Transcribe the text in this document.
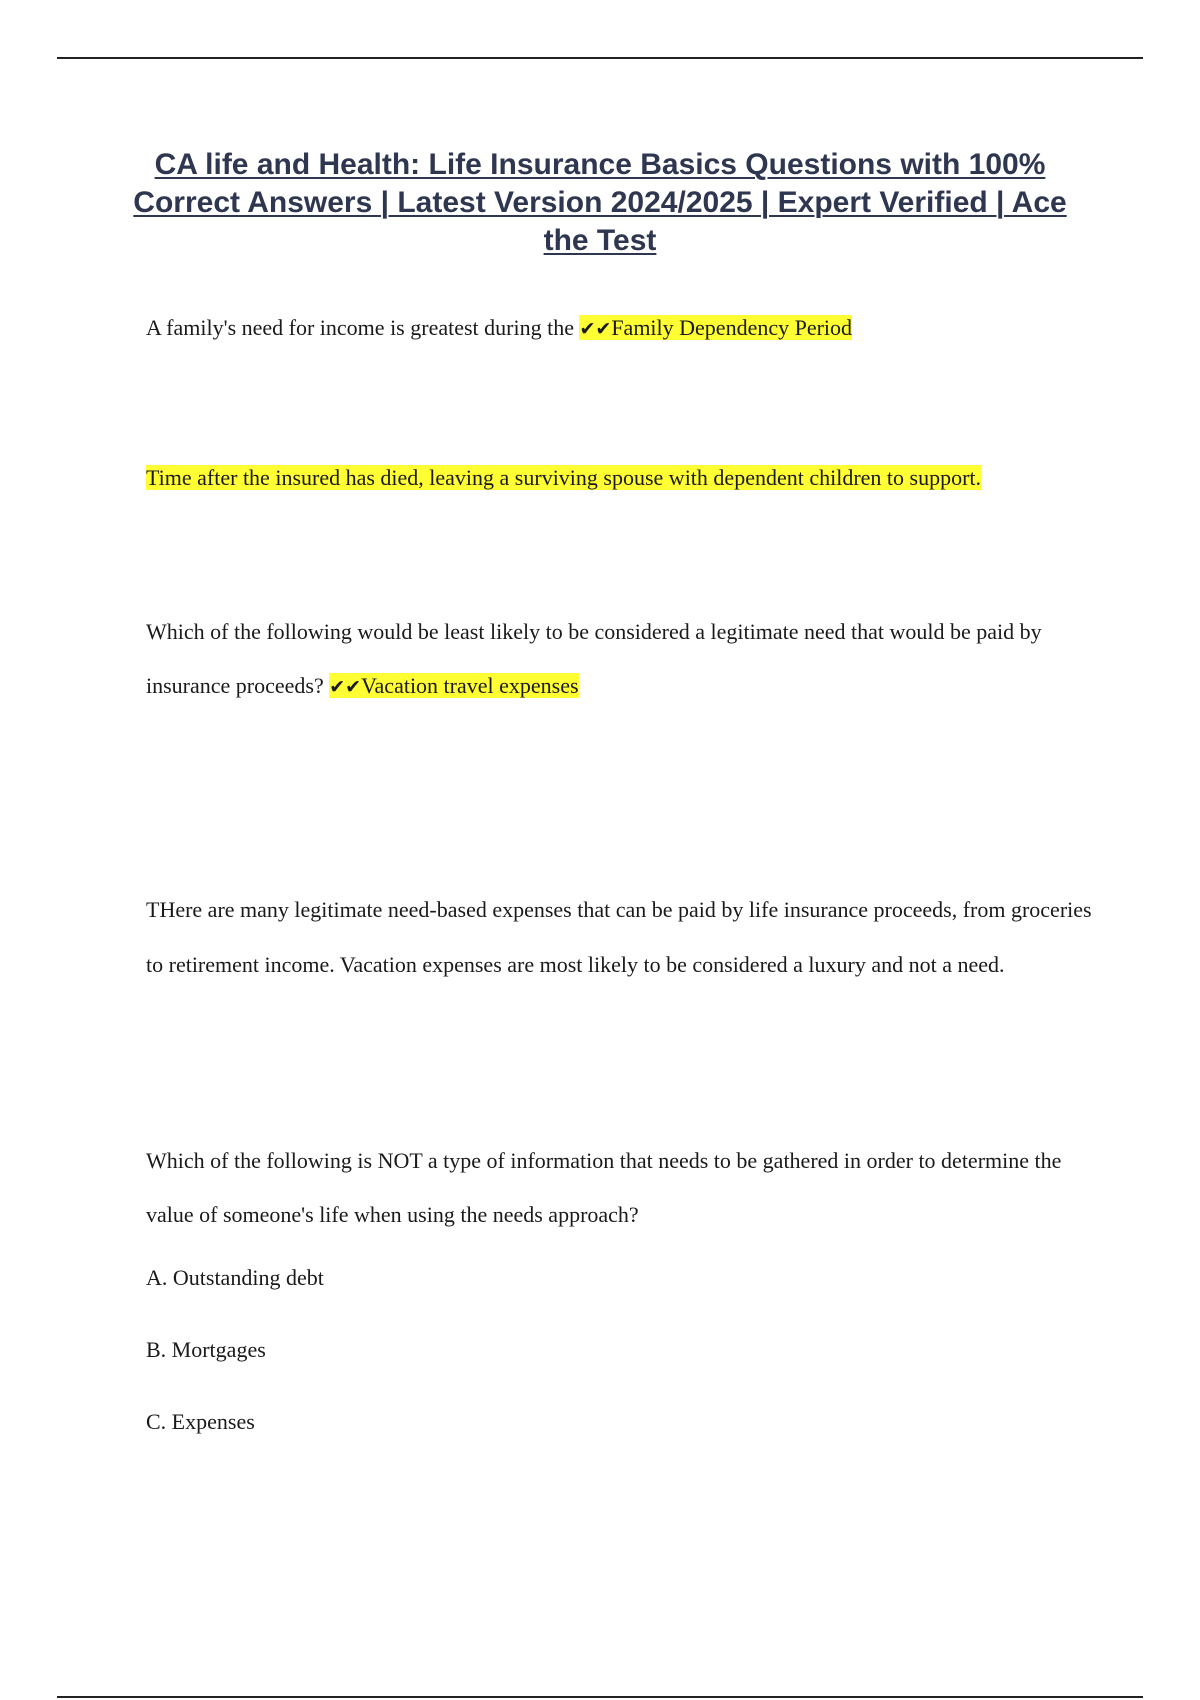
CA life and Health: Life Insurance Basics Questions with 100% Correct Answers | Latest Version 2024/2025 | Expert Verified | Ace the Test

A family's need for income is greatest during the ✔✔Family Dependency Period

Time after the insured has died, leaving a surviving spouse with dependent children to support.

Which of the following would be least likely to be considered a legitimate need that would be paid by insurance proceeds? ✔✔Vacation travel expenses

THere are many legitimate need-based expenses that can be paid by life insurance proceeds, from groceries to retirement income. Vacation expenses are most likely to be considered a luxury and not a need.

Which of the following is NOT a type of information that needs to be gathered in order to determine the value of someone's life when using the needs approach?

A. Outstanding debt

B. Mortgages

C. Expenses
